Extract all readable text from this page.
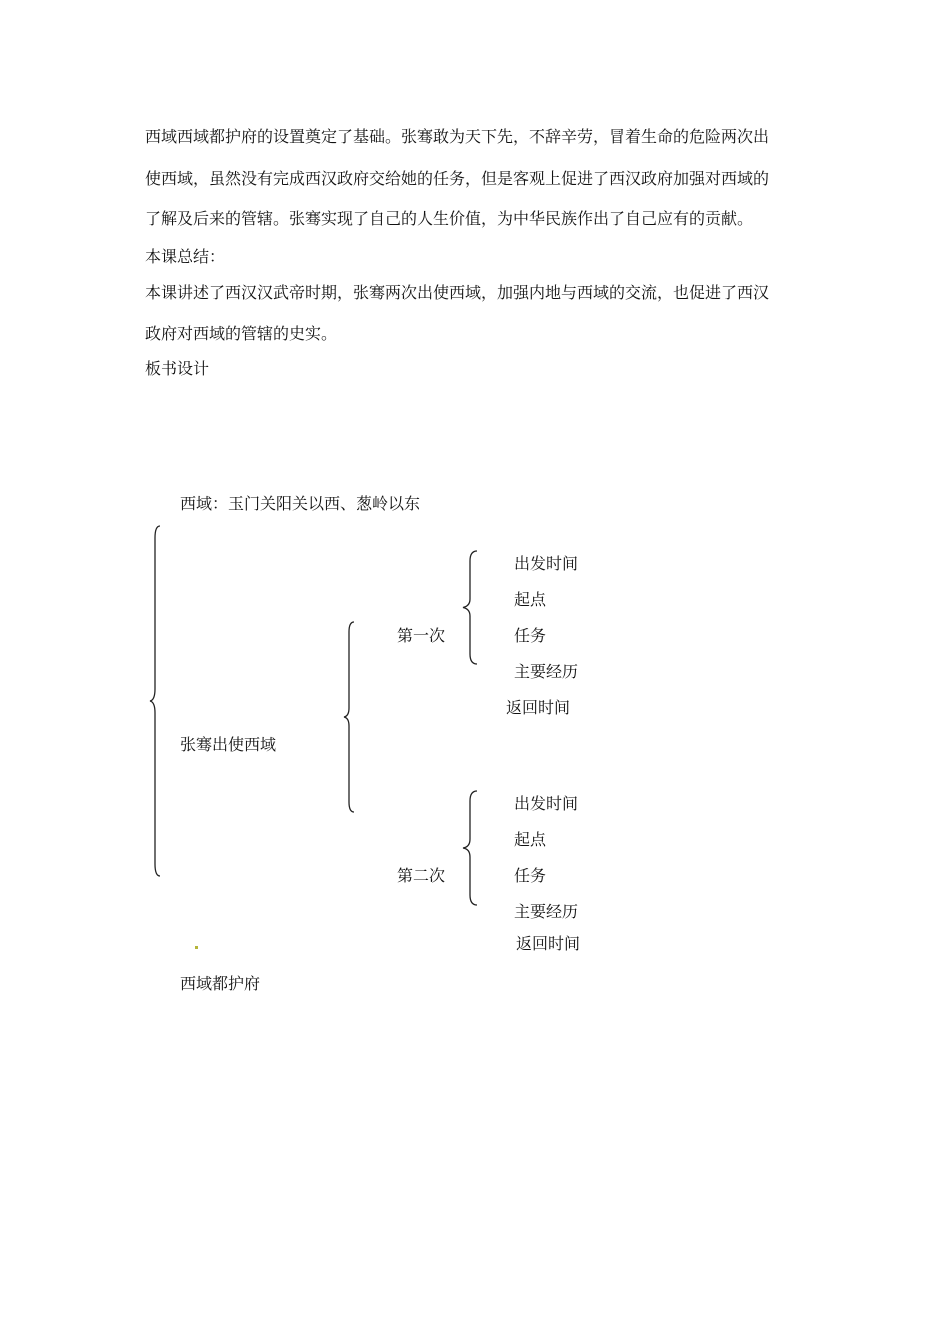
西域西域都护府的设置奠定了基础。张骞敢为天下先，不辞辛劳，冒着生命的危险两次出
使西域，虽然没有完成西汉政府交给她的任务，但是客观上促进了西汉政府加强对西域的
了解及后来的管辖。张骞实现了自己的人生价值，为中华民族作出了自己应有的贡献。
本课总结：
本课讲述了西汉汉武帝时期，张骞两次出使西域，加强内地与西域的交流，也促进了西汉
政府对西域的管辖的史实。
板书设计
西域：玉门关阳关以西、葱岭以东
张骞出使西域
第一次
出发时间
起点
任务
主要经历
返回时间
第二次
出发时间
起点
任务
主要经历
返回时间
西域都护府
